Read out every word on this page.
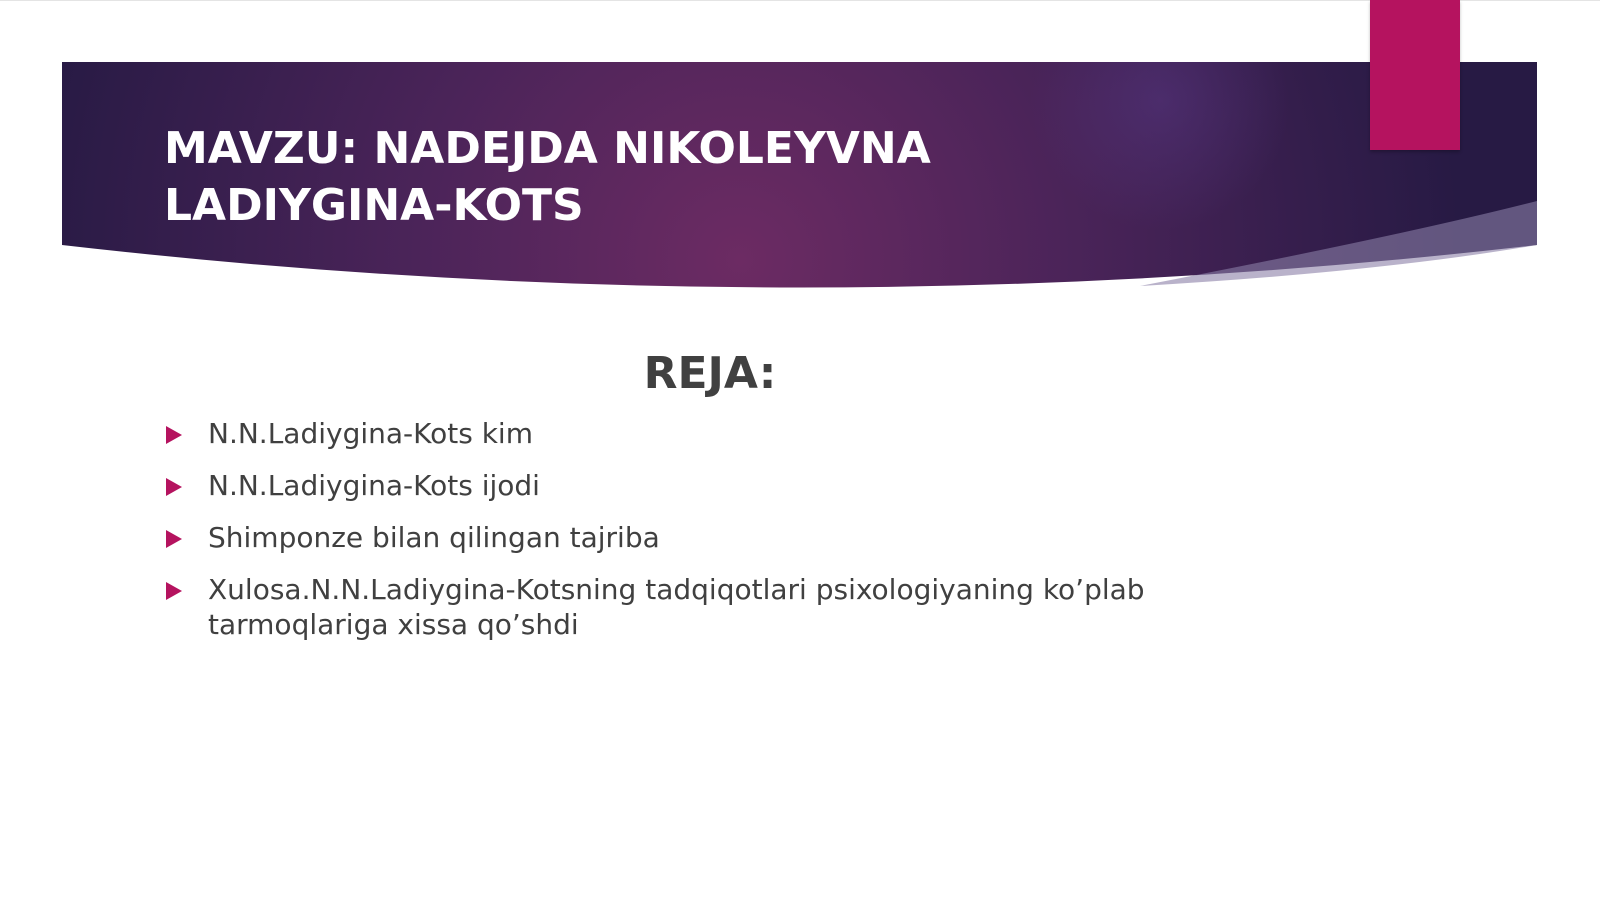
MAVZU: NADEJDA NIKOLEYVNA LADIYGINA-KOTS
REJA:
N.N.Ladiygina-Kots kim
N.N.Ladiygina-Kots ijodi
Shimponze bilan qilingan tajriba
Xulosa.N.N.Ladiygina-Kotsning tadqiqotlari psixologiyaning ko’plab tarmoqlariga xissa qo’shdi
